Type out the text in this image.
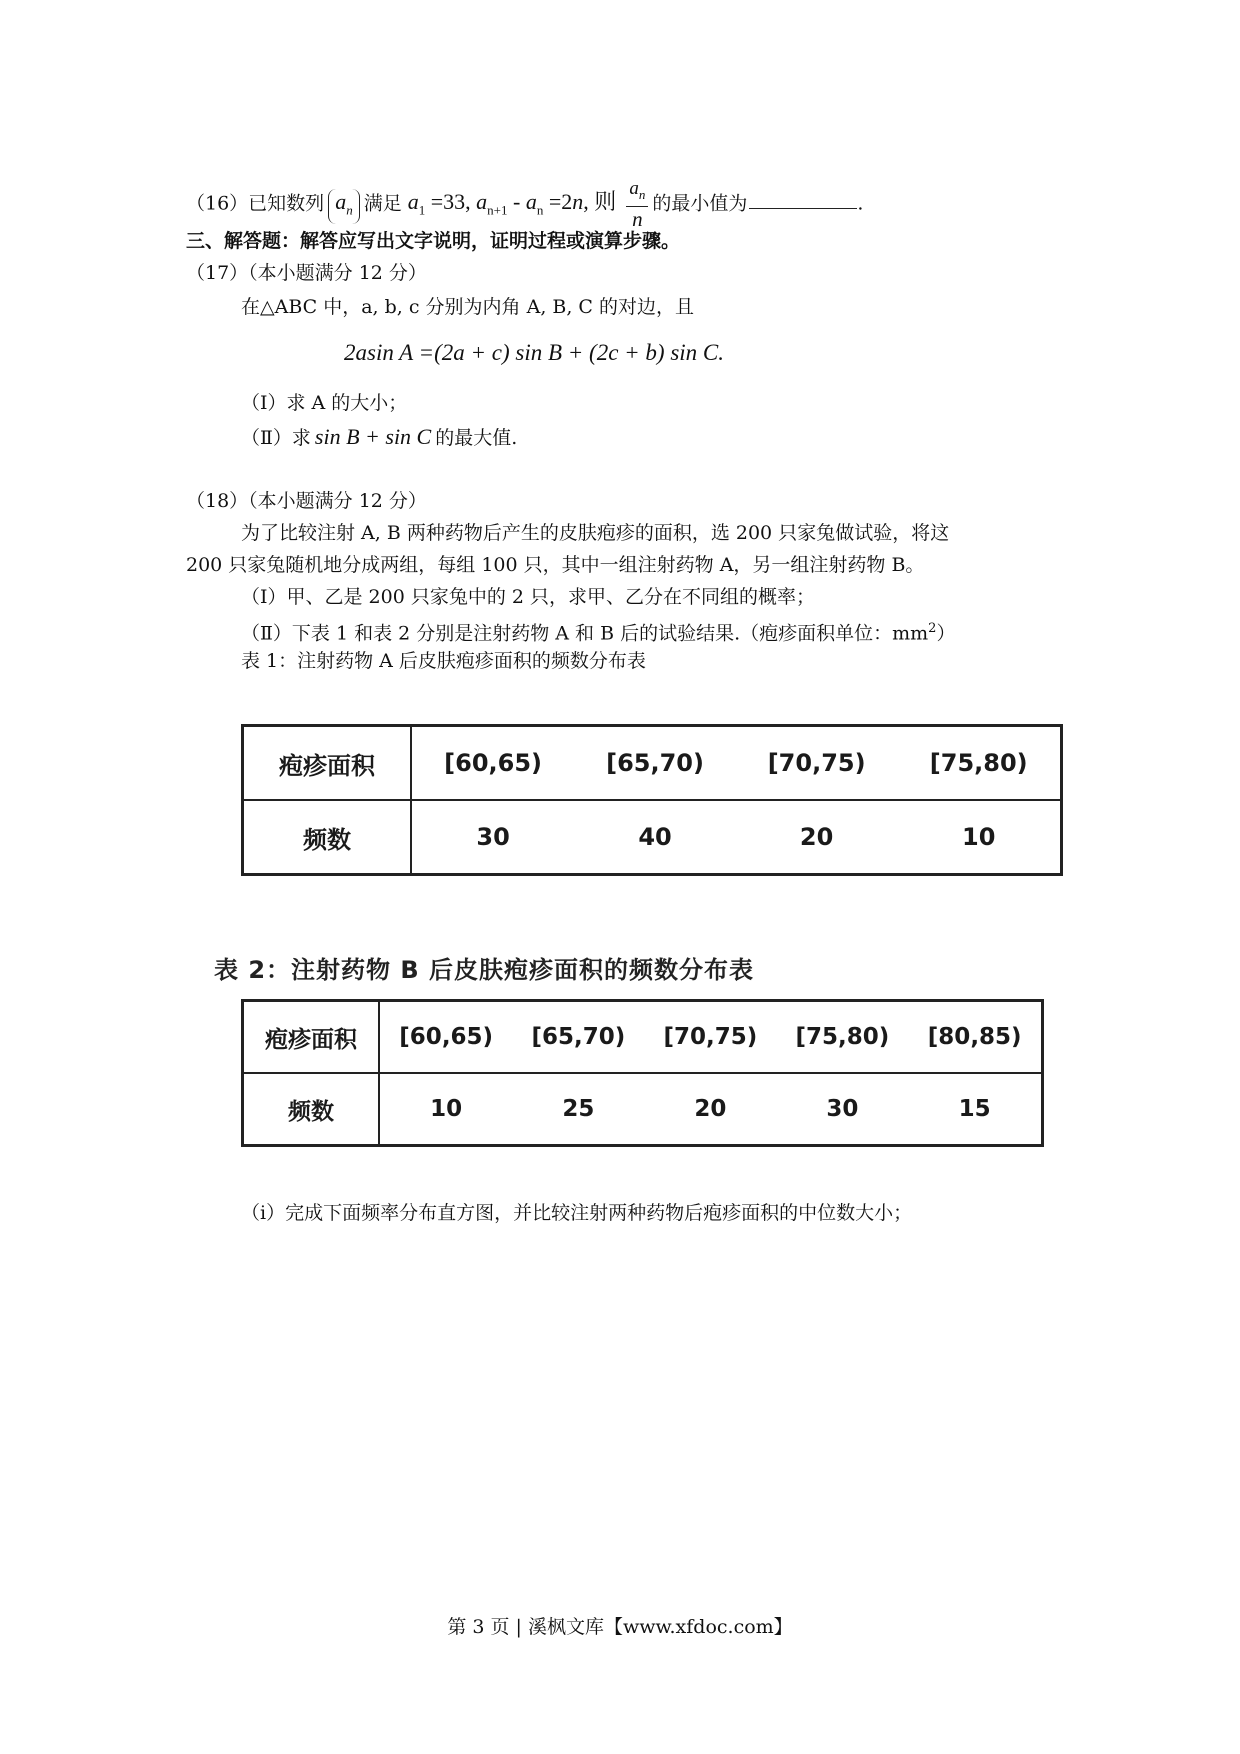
（16）已知数列 $a_n$ 满足 $a_1 =33$, $a_{n+1} - a_n =2n$, 则 $\frac{a_n}{n}$ 的最小值为	.
三、解答题：解答应写出文字说明，证明过程或演算步骤。
（17）（本小题满分 12 分）
在△ABC 中，a, b, c 分别为内角 A, B, C 的对边，且
2asin A =(2a + c) sin B + (2c + b) sin C.
（Ⅰ）求 A 的大小；
（Ⅱ）求 sin B + sin C 的最大值.
（18）（本小题满分 12 分）
为了比较注射 A, B 两种药物后产生的皮肤疱疹的面积，选 200 只家兔做试验，将这
200 只家兔随机地分成两组，每组 100 只，其中一组注射药物 A，另一组注射药物 B。
（Ⅰ）甲、乙是 200 只家兔中的 2 只，求甲、乙分在不同组的概率；
（Ⅱ）下表 1 和表 2 分别是注射药物 A 和 B 后的试验结果.（疱疹面积单位：$mm^2$）
表 1：注射药物 A 后皮肤疱疹面积的频数分布表
疱疹面积	[60,65)	[65,70)	[70,75)	[75,80)
频数	30	40	20	10
表 2：注射药物 B 后皮肤疱疹面积的频数分布表
疱疹面积	[60,65)	[65,70)	[70,75)	[75,80)	[80,85)
频数	10	25	20	30	15
（ⅰ）完成下面频率分布直方图，并比较注射两种药物后疱疹面积的中位数大小；
第 3 页 | 溪枫文库【www.xfdoc.com】
